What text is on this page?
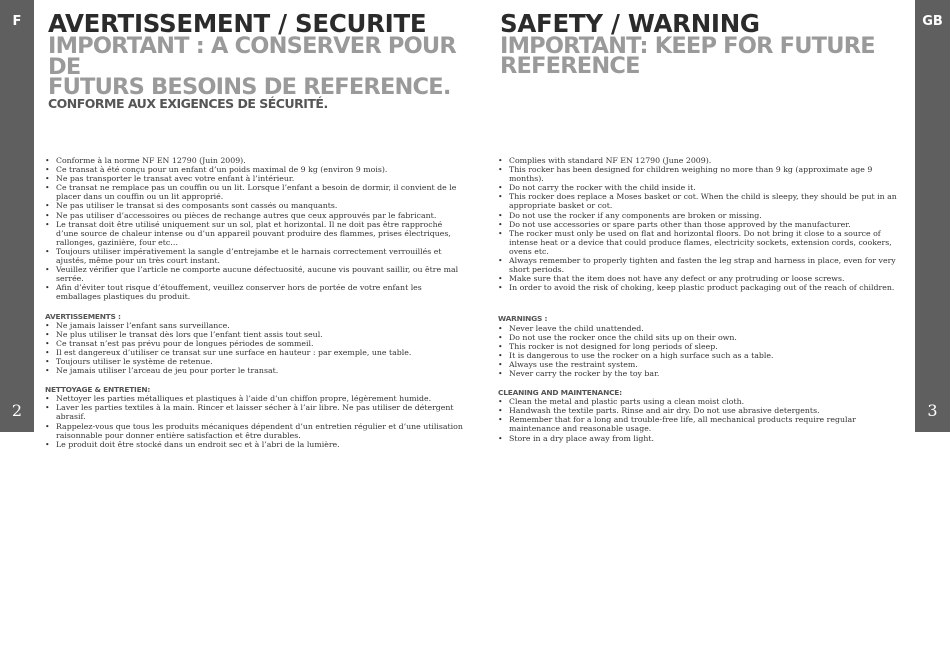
F
2
GB
3
AVERTISSEMENT / SECURITE
IMPORTANT : A CONSERVER POUR DE
FUTURS BESOINS DE REFERENCE.
CONFORME AUX EXIGENCES DE SÉCURITÉ.
SAFETY / WARNING
IMPORTANT: KEEP FOR FUTURE
REFERENCE
• Conforme à la norme NF EN 12790 (Juin 2009).
• Ce transat à été conçu pour un enfant d’un poids maximal de 9 kg (environ 9 mois).
• Ne pas transporter le transat avec votre enfant à l’intérieur.
• Ce transat ne remplace pas un couffin ou un lit. Lorsque l’enfant a besoin de dormir, il convient de le placer dans un couffin ou un lit approprié.
• Ne pas utiliser le transat si des composants sont cassés ou manquants.
• Ne pas utiliser d’accessoires ou pièces de rechange autres que ceux approuvés par le fabricant.
• Le transat doit être utilisé uniquement sur un sol, plat et horizontal. Il ne doit pas être rapproché d’une source de chaleur intense ou d’un appareil pouvant produire des flammes, prises électriques, rallonges, gazinière, four etc…
• Toujours utiliser impérativement la sangle d’entrejambe et le harnais correctement verrouillés et ajustés, même pour un très court instant.
• Veuillez vérifier que l’article ne comporte aucune défectuosité, aucune vis pouvant saillir, ou être mal serrée.
• Afin d’éviter tout risque d’étouffement, veuillez conserver hors de portée de votre enfant les emballages plastiques du produit.
AVERTISSEMENTS :
• Ne jamais laisser l’enfant sans surveillance.
• Ne plus utiliser le transat dès lors que l’enfant tient assis tout seul.
• Ce transat n’est pas prévu pour de longues périodes de sommeil.
• Il est dangereux d’utiliser ce transat sur une surface en hauteur : par exemple, une table.
• Toujours utiliser le système de retenue.
• Ne jamais utiliser l’arceau de jeu pour porter le transat.
NETTOYAGE & ENTRETIEN:
• Nettoyer les parties métalliques et plastiques à l’aide d’un chiffon propre, légèrement humide.
• Laver les parties textiles à la main. Rincer et laisser sécher à l’air libre. Ne pas utiliser de détergent abrasif.
• Rappelez-vous que tous les produits mécaniques dépendent d’un entretien régulier et d’une utilisation raisonnable pour donner entière satisfaction et être durables.
• Le produit doit être stocké dans un endroit sec et à l’abri de la lumière.
• Complies with standard NF EN 12790 (June 2009).
• This rocker has been designed for children weighing no more than 9 kg (approximate age 9 months).
• Do not carry the rocker with the child inside it.
• This rocker does replace a Moses basket or cot. When the child is sleepy, they should be put in an appropriate basket or cot.
• Do not use the rocker if any components are broken or missing.
• Do not use accessories or spare parts other than those approved by the manufacturer.
• The rocker must only be used on flat and horizontal floors. Do not bring it close to a source of intense heat or a device that could produce flames, electricity sockets, extension cords, cookers, ovens etc.
• Always remember to properly tighten and fasten the leg strap and harness in place, even for very short periods.
• Make sure that the item does not have any defect or any protruding or loose screws.
• In order to avoid the risk of choking, keep plastic product packaging out of the reach of children.
WARNINGS :
• Never leave the child unattended.
• Do not use the rocker once the child sits up on their own.
• This rocker is not designed for long periods of sleep.
• It is dangerous to use the rocker on a high surface such as a table.
• Always use the restraint system.
• Never carry the rocker by the toy bar.
CLEANING AND MAINTENANCE:
• Clean the metal and plastic parts using a clean moist cloth.
• Handwash the textile parts. Rinse and air dry. Do not use abrasive detergents.
• Remember that for a long and trouble-free life, all mechanical products require regular maintenance and reasonable usage.
• Store in a dry place away from light.
